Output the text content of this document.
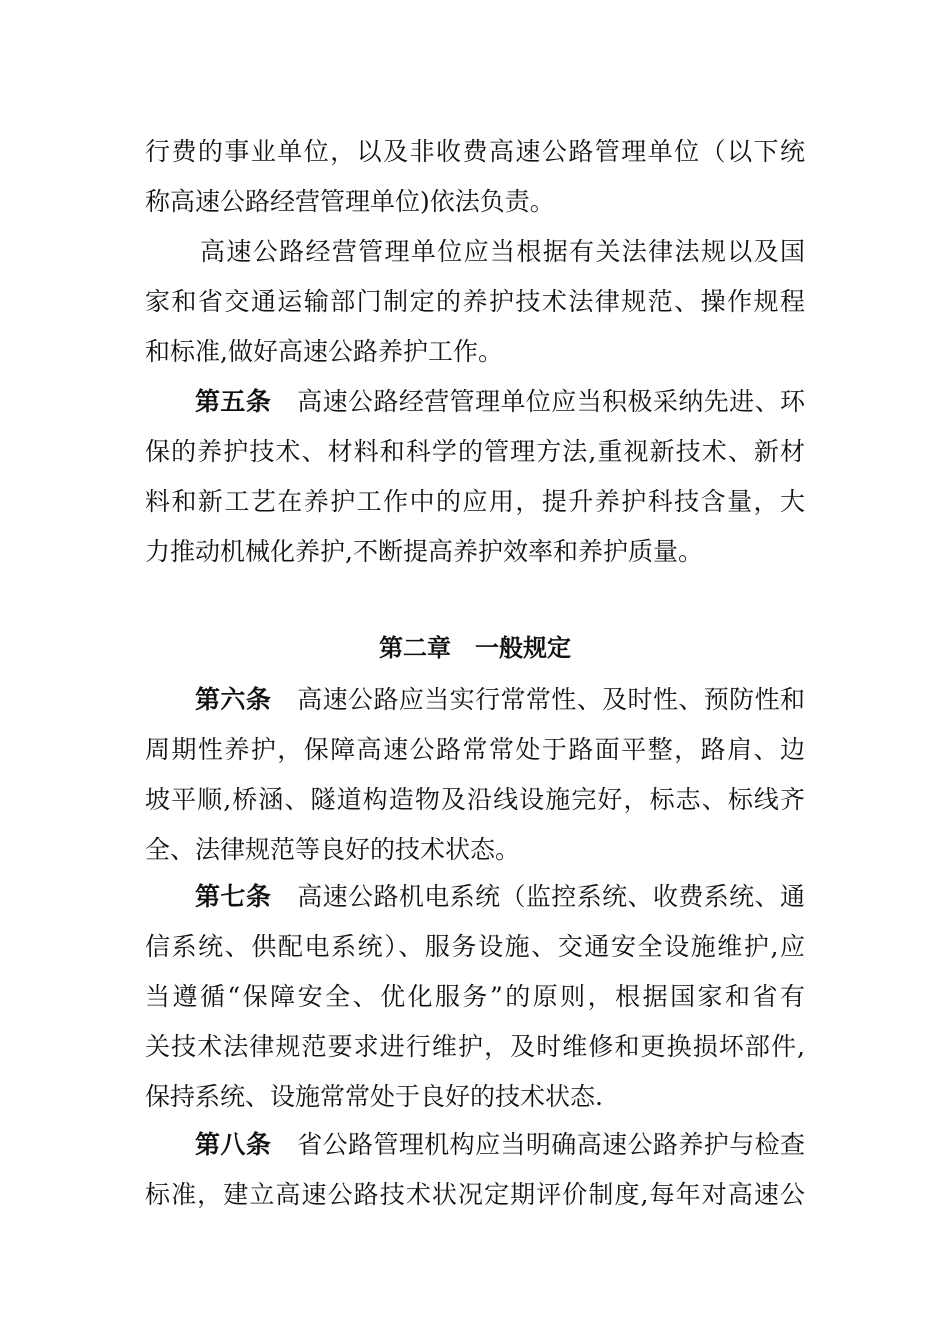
行费的事业单位，以及非收费高速公路管理单位（以下统
称高速公路经营管理单位)依法负责。
高速公路经营管理单位应当根据有关法律法规以及国
家和省交通运输部门制定的养护技术法律规范、操作规程
和标准,做好高速公路养护工作。
第五条 高速公路经营管理单位应当积极采纳先进、环
保的养护技术、材料和科学的管理方法,重视新技术、新材
料和新工艺在养护工作中的应用，提升养护科技含量，大
力推动机械化养护,不断提高养护效率和养护质量。
第二章　一般规定
第六条 高速公路应当实行常常性、及时性、预防性和
周期性养护，保障高速公路常常处于路面平整，路肩、边
坡平顺,桥涵、隧道构造物及沿线设施完好，标志、标线齐
全、法律规范等良好的技术状态。
第七条 高速公路机电系统（监控系统、收费系统、通
信系统、供配电系统）、服务设施、交通安全设施维护,应
当遵循“保障安全、优化服务”的原则，根据国家和省有
关技术法律规范要求进行维护，及时维修和更换损坏部件,
保持系统、设施常常处于良好的技术状态.
第八条 省公路管理机构应当明确高速公路养护与检查
标准，建立高速公路技术状况定期评价制度,每年对高速公
